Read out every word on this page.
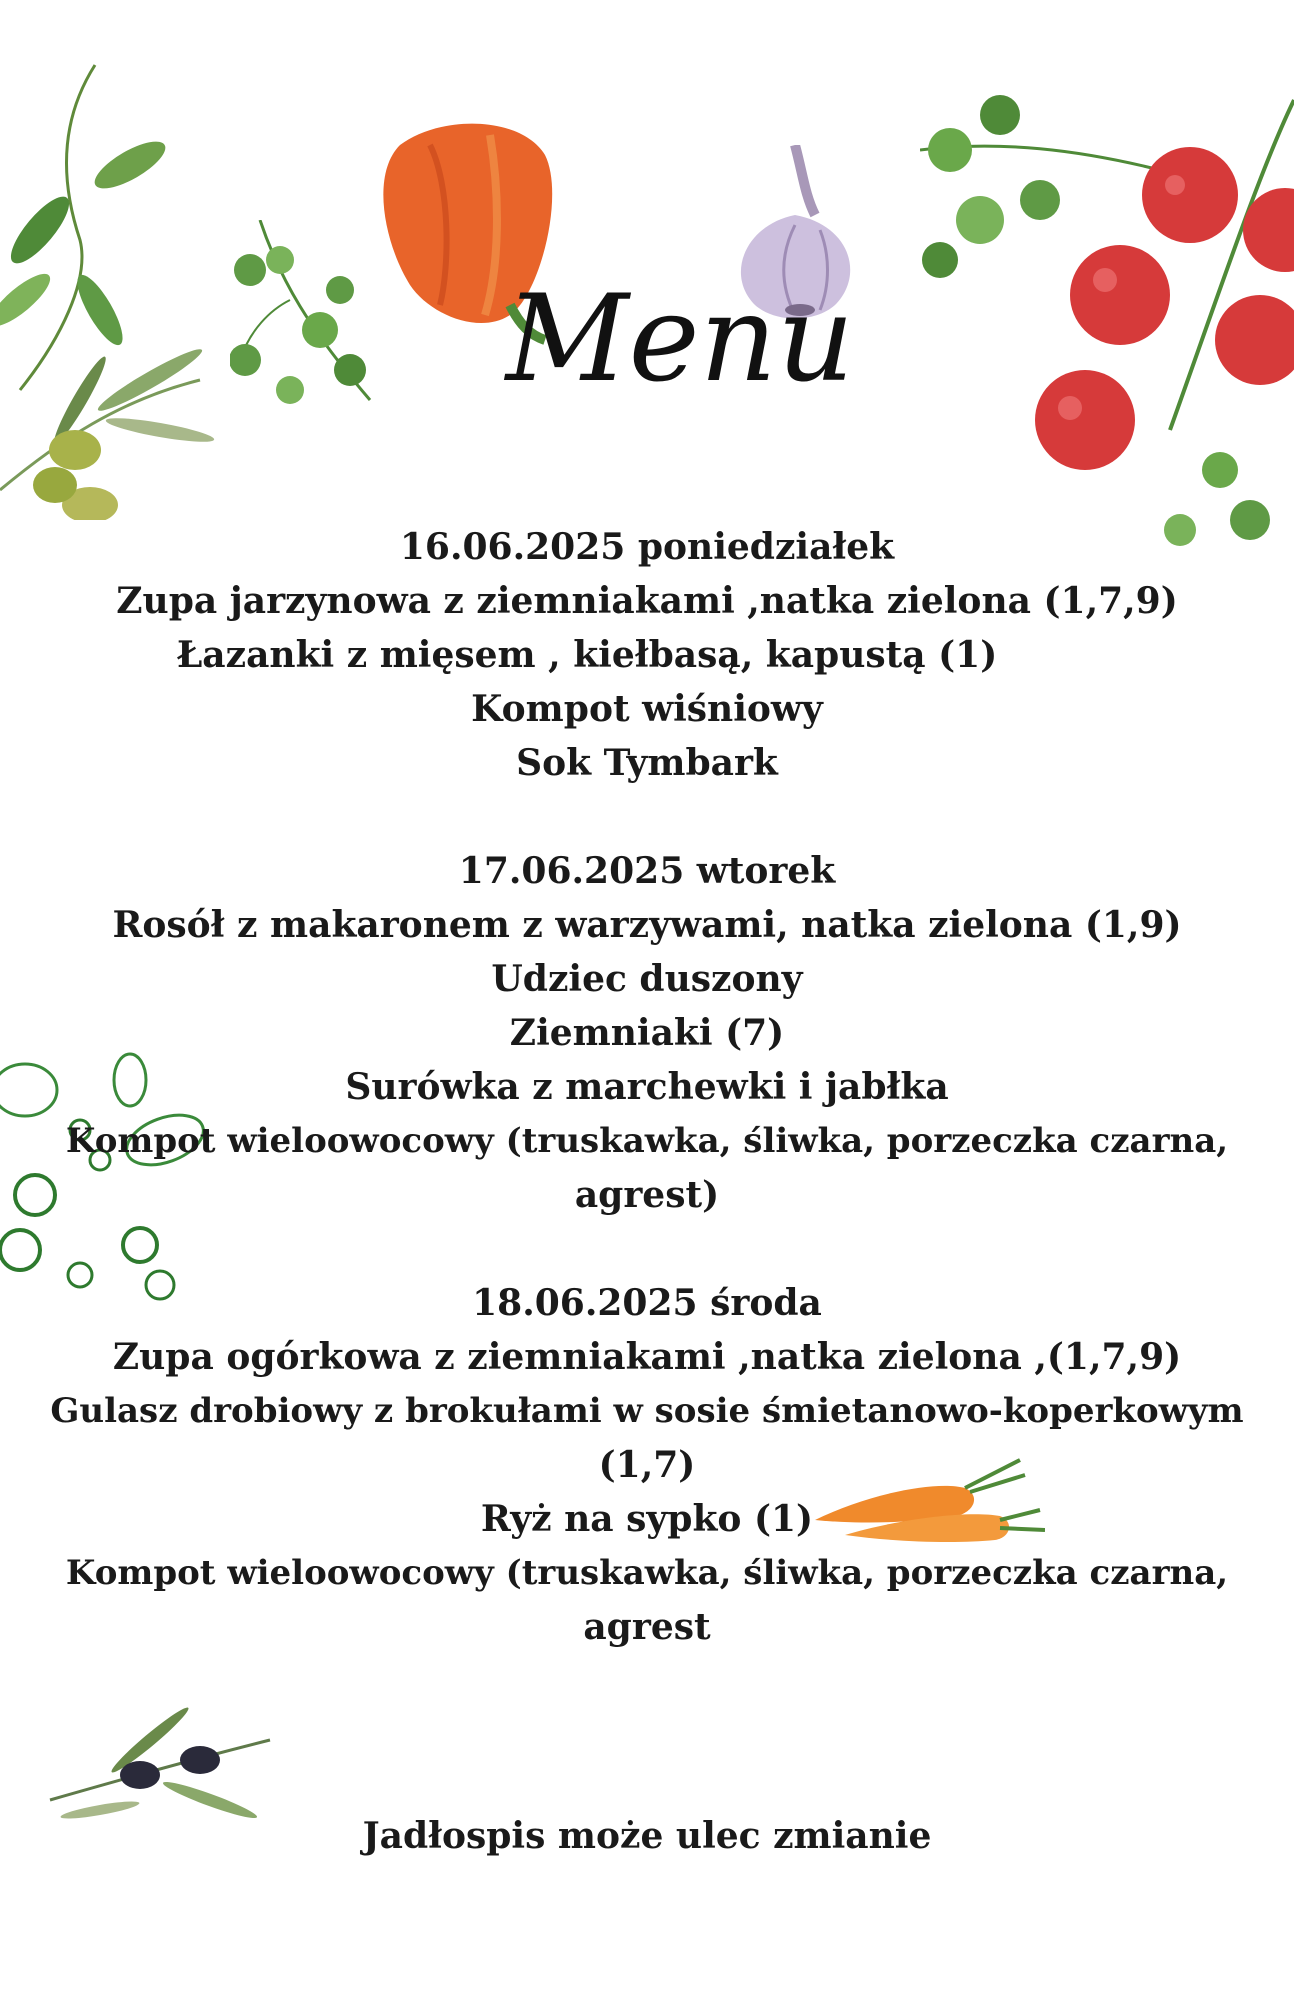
Menu
16.06.2025 poniedziałek
Zupa jarzynowa z ziemniakami ,natka zielona (1,7,9)
Łazanki z mięsem , kiełbasą, kapustą (1)
Kompot wiśniowy
Sok Tymbark
17.06.2025 wtorek
Rosół z makaronem z warzywami, natka zielona (1,9)
Udziec duszony
Ziemniaki (7)
Surówka z marchewki i jabłka
Kompot wieloowocowy (truskawka, śliwka, porzeczka czarna,
agrest)
18.06.2025 środa
Zupa ogórkowa z ziemniakami ,natka zielona ,(1,7,9)
Gulasz drobiowy z brokułami w sosie śmietanowo-koperkowym
(1,7)
Ryż na sypko (1)
Kompot wieloowocowy (truskawka, śliwka, porzeczka czarna,
agrest
Jadłospis może ulec zmianie
